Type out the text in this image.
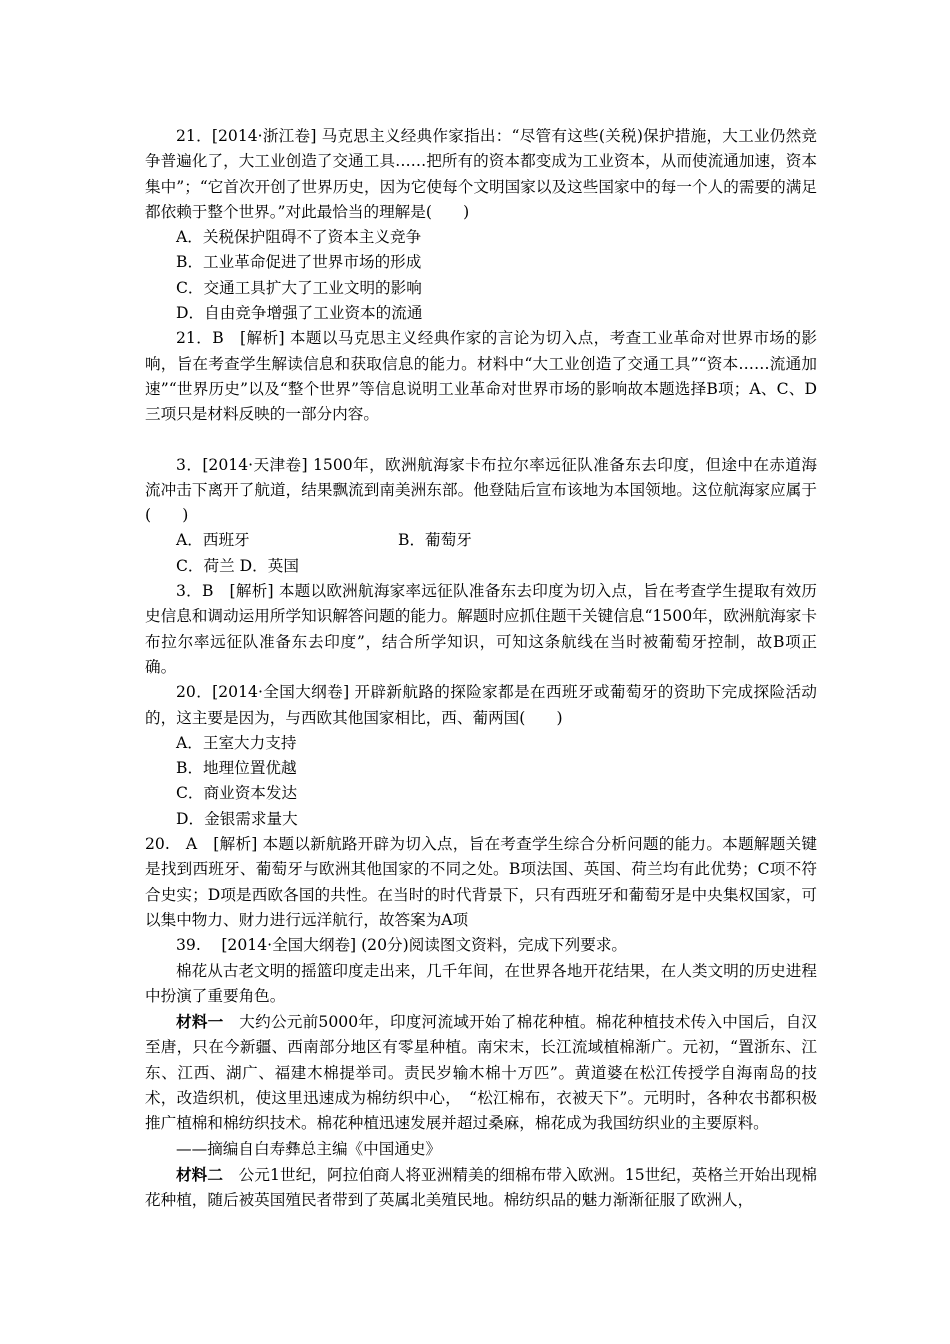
21．[2014·浙江卷] 马克思主义经典作家指出：“尽管有这些(关税)保护措施，大工业仍然竞争普遍化了，大工业创造了交通工具……把所有的资本都变成为工业资本，从而使流通加速，资本集中”；“它首次开创了世界历史，因为它使每个文明国家以及这些国家中的每一个人的需要的满足都依赖于整个世界。”对此最恰当的理解是(　　)

A．关税保护阻碍不了资本主义竞争

B．工业革命促进了世界市场的形成

C．交通工具扩大了工业文明的影响

D．自由竞争增强了工业资本的流通

21．B　[解析] 本题以马克思主义经典作家的言论为切入点，考查工业革命对世界市场的影响，旨在考查学生解读信息和获取信息的能力。材料中“大工业创造了交通工具”“资本……流通加速”“世界历史”以及“整个世界”等信息说明工业革命对世界市场的影响故本题选择B项；A、C、D三项只是材料反映的一部分内容。

3．[2014·天津卷] 1500年，欧洲航海家卡布拉尔率远征队准备东去印度，但途中在赤道海流冲击下离开了航道，结果飘流到南美洲东部。他登陆后宣布该地为本国领地。这位航海家应属于(　　)

A．西班牙	B．葡萄牙

C．荷兰 D．英国

3．B　[解析] 本题以欧洲航海家率远征队准备东去印度为切入点，旨在考查学生提取有效历史信息和调动运用所学知识解答问题的能力。解题时应抓住题干关键信息“1500年，欧洲航海家卡布拉尔率远征队准备东去印度”，结合所学知识，可知这条航线在当时被葡萄牙控制，故B项正确。

20．[2014·全国大纲卷] 开辟新航路的探险家都是在西班牙或葡萄牙的资助下完成探险活动的，这主要是因为，与西欧其他国家相比，西、葡两国(　　)

A．王室大力支持

B．地理位置优越

C．商业资本发达

D．金银需求量大

20.　A　[解析] 本题以新航路开辟为切入点，旨在考查学生综合分析问题的能力。本题解题关键是找到西班牙、葡萄牙与欧洲其他国家的不同之处。B项法国、英国、荷兰均有此优势；C项不符合史实；D项是西欧各国的共性。在当时的时代背景下，只有西班牙和葡萄牙是中央集权国家，可以集中物力、财力进行远洋航行，故答案为A项

39.　 [2014·全国大纲卷] (20分)阅读图文资料，完成下列要求。

棉花从古老文明的摇篮印度走出来，几千年间，在世界各地开花结果，在人类文明的历史进程中扮演了重要角色。

材料一　大约公元前5000年，印度河流域开始了棉花种植。棉花种植技术传入中国后，自汉至唐，只在今新疆、西南部分地区有零星种植。南宋末，长江流域植棉渐广。元初，“置浙东、江东、江西、湖广、福建木棉提举司。责民岁输木棉十万匹”。黄道婆在松江传授学自海南岛的技术，改造织机，使这里迅速成为棉纺织中心，　“松江棉布，衣被天下”。元明时，各种农书都积极推广植棉和棉纺织技术。棉花种植迅速发展并超过桑麻，棉花成为我国纺织业的主要原料。

——摘编自白寿彝总主编《中国通史》

材料二　公元1世纪，阿拉伯商人将亚洲精美的细棉布带入欧洲。15世纪，英格兰开始出现棉花种植，随后被英国殖民者带到了英属北美殖民地。棉纺织品的魅力渐渐征服了欧洲人，
